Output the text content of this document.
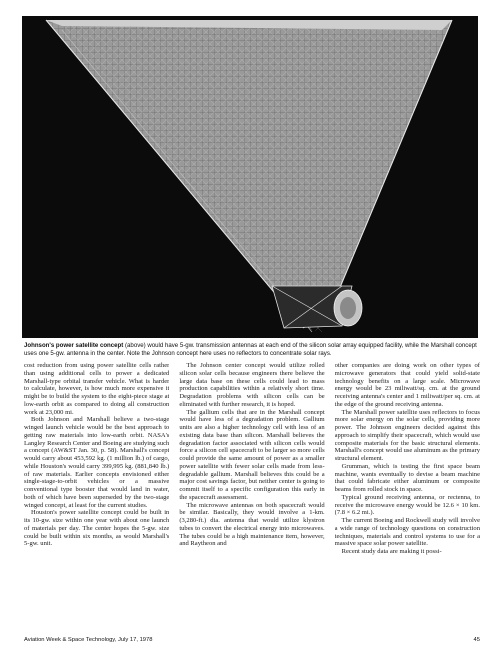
Johnson's power satellite concept (above) would have 5-gw. transmission antennas at each end of the silicon solar array equipped facility, while the Marshall concept uses one 5-gw. antenna in the center. Note the Johnson concept here uses no reflectors to concentrate solar rays.

cost reduction from using power satellite cells rather than using additional cells to power a dedicated Marshall-type orbital transfer vehicle. What is harder to calculate, however, is how much more expensive it might be to build the system to the eight-piece stage at low-earth orbit as compared to doing all construction work at 23,000 mi.

Both Johnson and Marshall believe a two-stage winged launch vehicle would be the best approach to getting raw materials into low-earth orbit. NASA's Langley Research Center and Boeing are studying such a concept (AW&ST Jan. 30, p. 58). Marshall's concept would carry about 453,592 kg. (1 million lb.) of cargo, while Houston's would carry 399,995 kg. (881,840 lb.) of raw materials. Earlier concepts envisioned either single-stage-to-orbit vehicles or a massive conventional type booster that would land in water, both of which have been superseded by the two-stage winged concept, at least for the current studies.

Houston's power satellite concept could be built in its 10-gw. size within one year with about one launch of materials per day. The center hopes the 5-gw. size could be built within six months, as would Marshall's 5-gw. unit.

The Johnson center concept would utilize rolled silicon solar cells because engineers there believe the large data base on these cells could lead to mass production capabilities within a relatively short time. Degradation problems with silicon cells can be eliminated with further research, it is hoped.

The gallium cells that are in the Marshall concept would have less of a degradation problem. Gallium units are also a higher technology cell with less of an existing data base than silicon. Marshall believes the degradation factor associated with silicon cells would force a silicon cell spacecraft to be larger so more cells could provide the same amount of power as a smaller power satellite with fewer solar cells made from less-degradable gallium. Marshall believes this could be a major cost savings factor, but neither center is going to commit itself to a specific configuration this early in the spacecraft assessment.

The microwave antennas on both spacecraft would be similar. Basically, they would involve a 1-km. (3,280-ft.) dia. antenna that would utilize klystron tubes to convert the electrical energy into microwaves. The tubes could be a high maintenance item, however, and Raytheon and

other companies are doing work on other types of microwave generators that could yield solid-state technology benefits on a large scale. Microwave energy would be 23 miliwatt/sq. cm. at the ground receiving antenna's center and 1 miliwatt/per sq. cm. at the edge of the ground receiving antenna.

The Marshall power satellite uses reflectors to focus more solar energy on the solar cells, providing more power. The Johnson engineers decided against this approach to simplify their spacecraft, which would use composite materials for the basic structural elements. Marshall's concept would use aluminum as the primary structural element.

Grumman, which is testing the first space beam machine, wants eventually to devise a beam machine that could fabricate either aluminum or composite beams from rolled stock in space.

Typical ground receiving antenna, or rectenna, to receive the microwave energy would be 12.6 × 10 km. (7.8 × 6.2 mi.).

The current Boeing and Rockwell study will involve a wide range of technology questions on construction techniques, materials and control systems to use for a massive space solar power satellite.

Recent study data are making it possi-

Aviation Week & Space Technology, July 17, 1978	45
